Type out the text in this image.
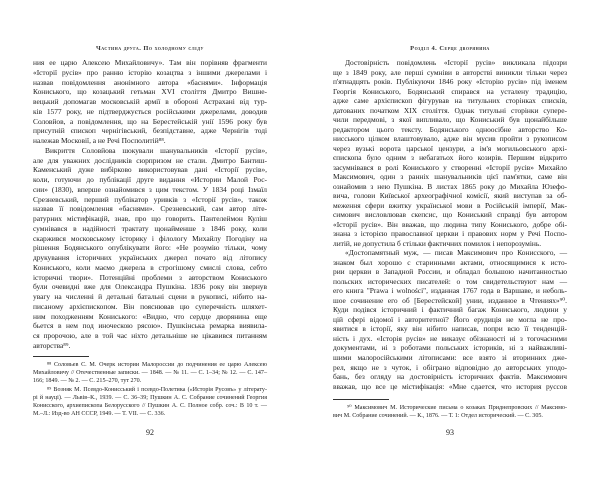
Частина друга. По холодному сліду
ния ее царю Алексею Михайловичу». Там він порівняв фрагменти
«Історії русів» про ранню історію козацтва з іншими джерелами і
назвав повідомлення анонімного автора «баснями». Інформація
Кониського, що козацький гетьман XVI століття Дмитро Вишне-
вецький допомагав московській армії в обороні Астрахані від тур-
ків 1577 року, не підтверджується російськими джерелами, доводив
Соловйов, а повідомлення, що на Берестейській унії 1596 року був
присутній єпископ чернігівський, безпідставне, адже Чернігів тоді
належав Московії, а не Речі Посполитій⁸⁸.
Викриття Соловйова шокували шанувальників «Історії русів»,
але для уважних дослідників сюрпризом не стали. Дмитро Бантиш-
Каменський дуже вибірково використовував дані «Історії русів»,
коли, готуючи до публікації друге видання «Истории Малой Рос-
сии» (1830), вперше ознайомився з цим текстом. У 1834 році Ізмаїл
Срезневський, перший публікатор уривків з «Історії русів», також
назвав її повідомлення «баснями». Срезневський, сам автор літе-
ратурних містифікацій, знав, про що говорить. Пантелеймон Куліш
сумнівався в надійності трактату щонайменше з 1846 року, коли
скаржився московському історику і філологу Михайлу Погодіну на
рішення Бодянського опублікувати його: «Не розумію тільки, чому
друкування історичних українських джерел почато від літопису
Кониського, коли маємо джерела в строгішому смислі слова, себто
історичні твори». Потенційні проблеми з авторством Кониського
були очевидні вже для Олександра Пушкіна. 1836 року він звернув
увагу на численні й детальні батальні сцени в рукописі, нібито на-
писаному архієпископом. Він пояснював цю суперечність шляхет-
ним походженням Кониського: «Видно, что сердце дворянина еще
бьется в нем под иноческою рясою». Пушкінська ремарка виявила-
ся пророчою, але в той час ніхто детальніше не цікавився питанням
авторства⁸⁹.
⁸⁸ Соловьев С. М. Очерк истории Малороссии до подчинения ее царю Алексею
Михайловичу // Отечественные записки. — 1848. — № 11. — С. 1–34; № 12. — С. 147–
166; 1849. — № 2. — С. 215–270, тут 270.
⁸⁹ Возняк М. Псевдо-Конисський і псевдо-Полетика («Исторія Русовъ» у літерату-
рі й науці). — Львів–К., 1939. — С. 36–39; Пушкин А. С. Собрание сочинений Георгия
Конисского, архиепископа Белорусского // Пушкин А. С. Полное собр. соч.: В 10 т. —
М.–Л.: Изд-во АН СССР, 1949. — Т. VII. — С. 336.
92
Розділ 4. Серце дворянина
Достовірність повідомлень «Історії русів» викликала підозри
ще з 1849 року, але перші сумніви в авторстві виникли тільки через
п'ятнадцять років. Публікуючи 1846 року «Історію русів» під іменем
Георгія Кониського, Бодянський спирався на усталену традицію,
адже саме архієпископ фігурував на титульних сторінках списків,
датованих початком XIX століття. Однак титульні сторінки супере-
чили передмові, з якої випливало, що Кониський був щонайбільше
редактором цього тексту. Бодянського одноосібне авторство Ко-
нисського цілком влаштовувало, адже він мусив пройти з рукописом
через вузькі ворота царської цензури, а ім'я могильовського архі-
єпископа було одним з небагатьох його козирів. Першим відкрито
засумнівався в ролі Кониського у створенні «Історії русів» Михайло
Максимович, один з ранніх шанувальників цієї пам'ятки, саме він
ознайомив з нею Пушкіна. В листах 1865 року до Михайла Юзефо-
вича, голови Київської археографічної комісії, який виступав за об-
меження сфери вжитку української мови в Російській імперії, Мак-
симович висловлював скепсис, що Кониський справді був автором
«Історії русів». Він вважав, що людина типу Кониського, добре обі-
знана з історією православної церкви і правових норм у Речі Поспо-
литій, не допустила б стільки фактичних помилок і непорозумінь.
«Достопамятный муж, — писав Максимович про Конисского, —
знаком был хорошо с старинными актами, относящимися к исто-
рии церкви в Западной России, и обладал большою начитанностью
польских исторических писателей: о том свидетельствуют нам —
его книга "Prawa i wolności", изданная 1767 года в Варшаве, и неболь-
шое сочинение его об [Берестейской] унии, изданное в Чтениях»⁹⁰.
Куди подівся історичний і фактичний багаж Кониського, людини у
цій сфері відомої і авторитетної? Його ерудиція не могла не про-
явитися в історії, яку він нібито написав, попри всю її тенденцій-
ність і дух. «Історія русів» не виказує обізнаності ні з тогочасними
документами, ні з роботами польських істориків, ні з найважливі-
шими малоросійськими літописами: все взято зі вторинних дже-
рел, якщо не з чуток, і обіграно відповідно до авторських уподо-
бань, без огляду на достовірність історичних фактів. Максимович
вважав, що все це містифікація: «Мне сдается, что история руссов
⁹⁰ Максимович М. Исторические письма о козаках Приднепровских // Максимо-
вич М. Собрание сочинений. — К., 1876. — Т. 1: Отдел исторический. — С. 305.
93
